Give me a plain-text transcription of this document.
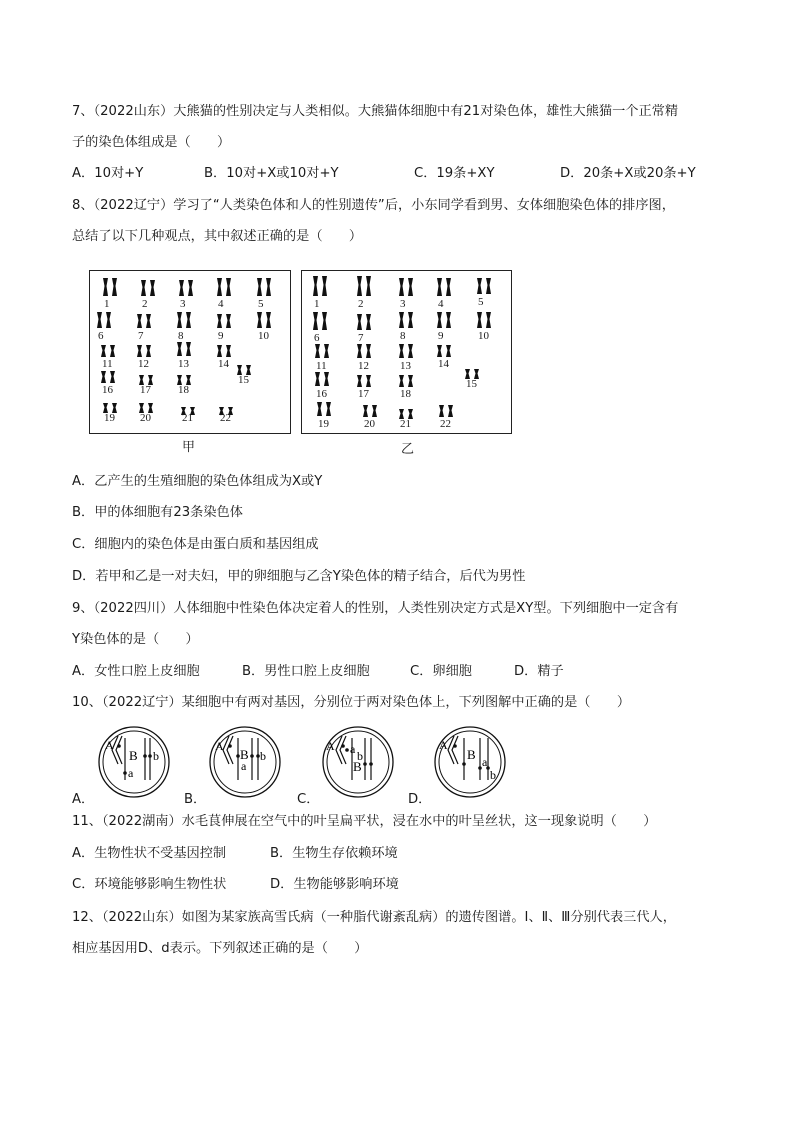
7、（2022山东）大熊猫的性别决定与人类相似。大熊猫体细胞中有21对染色体，雄性大熊猫一个正常精
子的染色体组成是（　　）
A．10对+Y	B．10对+X或10对+Y	C．19条+XY	D．20条+X或20条+Y
8、（2022辽宁）学习了“人类染色体和人的性别遗传”后，小东同学看到男、女体细胞染色体的排序图，
总结了以下几种观点，其中叙述正确的是（　　）
1	2	3	4	5
6	7	8	9	10
11 12	13	14
15
16 17 18
19 20	21 22
甲
1	2	3	4	5
6	7	8	9	10
11	12	13 14
15
16	17	18
19	20 21	22
乙
A．乙产生的生殖细胞的染色体组成为X或Y
B．甲的体细胞有23条染色体
C．细胞内的染色体是由蛋白质和基因组成
D．若甲和乙是一对夫妇，甲的卵细胞与乙含Y染色体的精子结合，后代为男性
9、（2022四川）人体细胞中性染色体决定着人的性别，人类性别决定方式是XY型。下列细胞中一定含有
Y染色体的是（　　）
A．女性口腔上皮细胞	B．男性口腔上皮细胞	C．卵细胞	D．精子
10、（2022辽宁）某细胞中有两对基因，分别位于两对染色体上，下列图解中正确的是（　　）
A．	B．	C．	D．
A
B
a
b
A
B
a
b
A
B
a b
A
B a
b
11、（2022湖南）水毛茛伸展在空气中的叶呈扁平状，浸在水中的叶呈丝状，这一现象说明（　　）
A．生物性状不受基因控制	B．生物生存依赖环境
C．环境能够影响生物性状	D．生物能够影响环境
12、（2022山东）如图为某家族高雪氏病（一种脂代谢紊乱病）的遗传图谱。Ⅰ、Ⅱ、Ⅲ分别代表三代人，
相应基因用D、d表示。下列叙述正确的是（　　）
